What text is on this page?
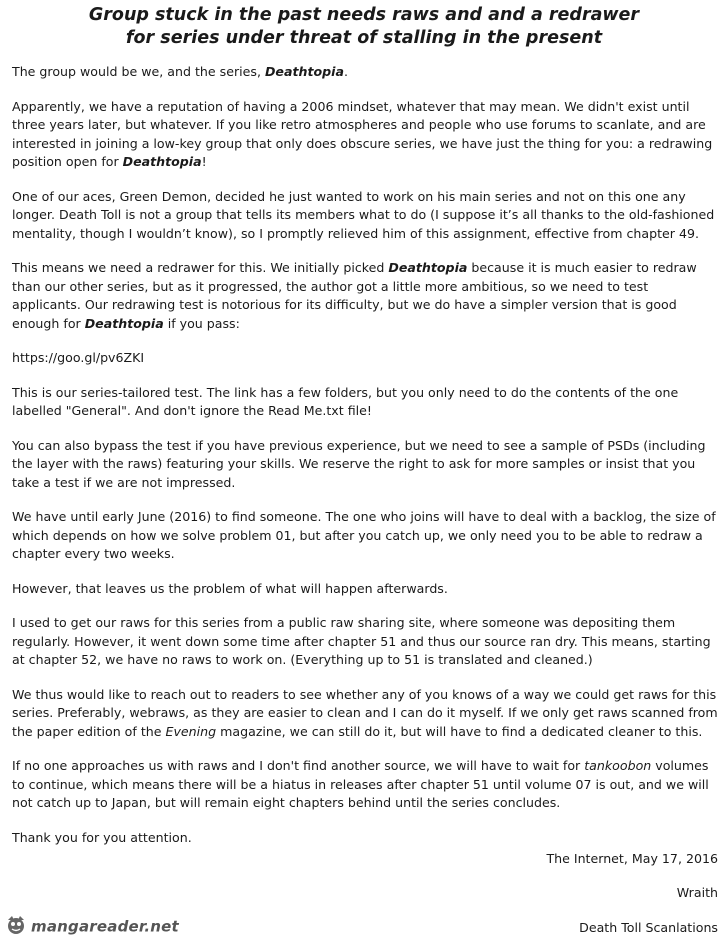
Group stuck in the past needs raws and and a redrawer
for series under threat of stalling in the present

The group would be we, and the series, Deathtopia.

Apparently, we have a reputation of having a 2006 mindset, whatever that may mean. We didn't exist until three years later, but whatever. If you like retro atmospheres and people who use forums to scanlate, and are interested in joining a low-key group that only does obscure series, we have just the thing for you: a redrawing position open for Deathtopia!

One of our aces, Green Demon, decided he just wanted to work on his main series and not on this one any longer. Death Toll is not a group that tells its members what to do (I suppose it’s all thanks to the old-fashioned mentality, though I wouldn’t know), so I promptly relieved him of this assignment, effective from chapter 49.

This means we need a redrawer for this. We initially picked Deathtopia because it is much easier to redraw than our other series, but as it progressed, the author got a little more ambitious, so we need to test applicants. Our redrawing test is notorious for its difficulty, but we do have a simpler version that is good enough for Deathtopia if you pass:

https://goo.gl/pv6ZKI

This is our series-tailored test. The link has a few folders, but you only need to do the contents of the one labelled "General". And don't ignore the Read Me.txt file!

You can also bypass the test if you have previous experience, but we need to see a sample of PSDs (including the layer with the raws) featuring your skills. We reserve the right to ask for more samples or insist that you take a test if we are not impressed.

We have until early June (2016) to find someone. The one who joins will have to deal with a backlog, the size of which depends on how we solve problem 01, but after you catch up, we only need you to be able to redraw a chapter every two weeks.

However, that leaves us the problem of what will happen afterwards.

I used to get our raws for this series from a public raw sharing site, where someone was depositing them regularly. However, it went down some time after chapter 51 and thus our source ran dry. This means, starting at chapter 52, we have no raws to work on. (Everything up to 51 is translated and cleaned.)

We thus would like to reach out to readers to see whether any of you knows of a way we could get raws for this series. Preferably, webraws, as they are easier to clean and I can do it myself. If we only get raws scanned from the paper edition of the Evening magazine, we can still do it, but will have to find a dedicated cleaner to this.

If no one approaches us with raws and I don't find another source, we will have to wait for tankoobon volumes to continue, which means there will be a hiatus in releases after chapter 51 until volume 07 is out, and we will not catch up to Japan, but will remain eight chapters behind until the series concludes.

Thank you for you attention.

The Internet, May 17, 2016

Wraith

Death Toll Scanlations

mangareader.net
